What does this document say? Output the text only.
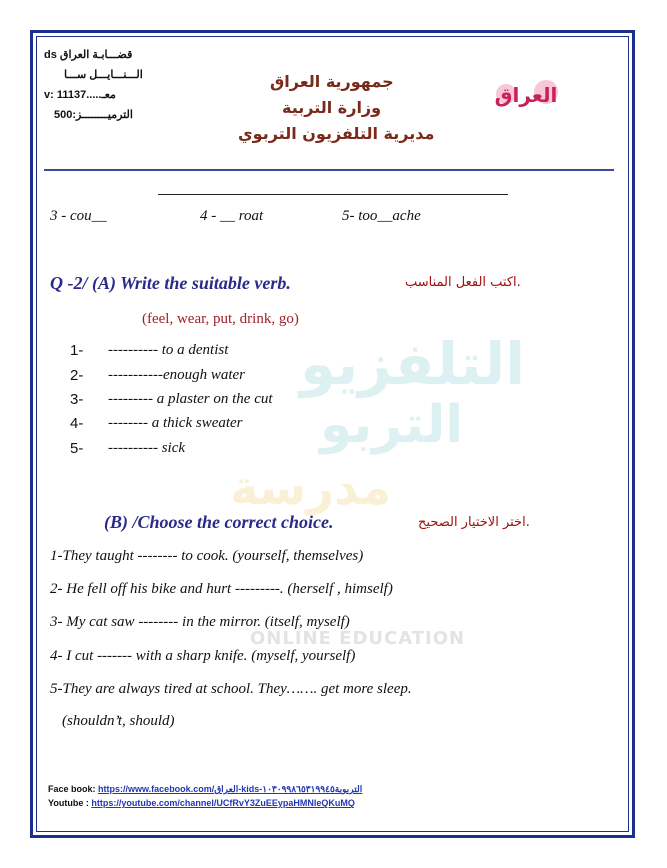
التلفزيو
التربو
مدرسة
ONLINE EDUCATION
ds قضـــابـة العراق
الـــنـــايـــل ســـا
v: 11137.....معـ
500:الترميــــــــز
جمهورية العراق
وزارة التربية
مديرية التلفزيون التربوي
العراق
3 - cou__	4 - __ roat	5- too__ache
Q -2/ (A) Write the suitable verb.	اكتب الفعل المناسب.
(feel, wear, put, drink, go)
1- ---------- to a dentist
2- -----------enough water
3- --------- a plaster on the cut
4- -------- a thick sweater
5- ---------- sick
(B) /Choose the correct choice.	اختر الاختيار الصحيح.
1-They taught -------- to cook. (yourself, themselves)
2- He fell off his bike and hurt ---------. (herself , himself)
3- My cat saw -------- in the mirror. (itself, myself)
4- I cut ------- with a sharp knife. (myself, yourself)
5-They are always tired at school. They……. get more sleep.
(shouldn’t, should)
Face book: https://www.facebook.com/العراق-kids-التربوية١٠٣٠٩٩٨٦٥٣١٩٩٤٥
Youtube : https://youtube.com/channel/UCfRvY3ZuEEypaHMNleQKuMQ
